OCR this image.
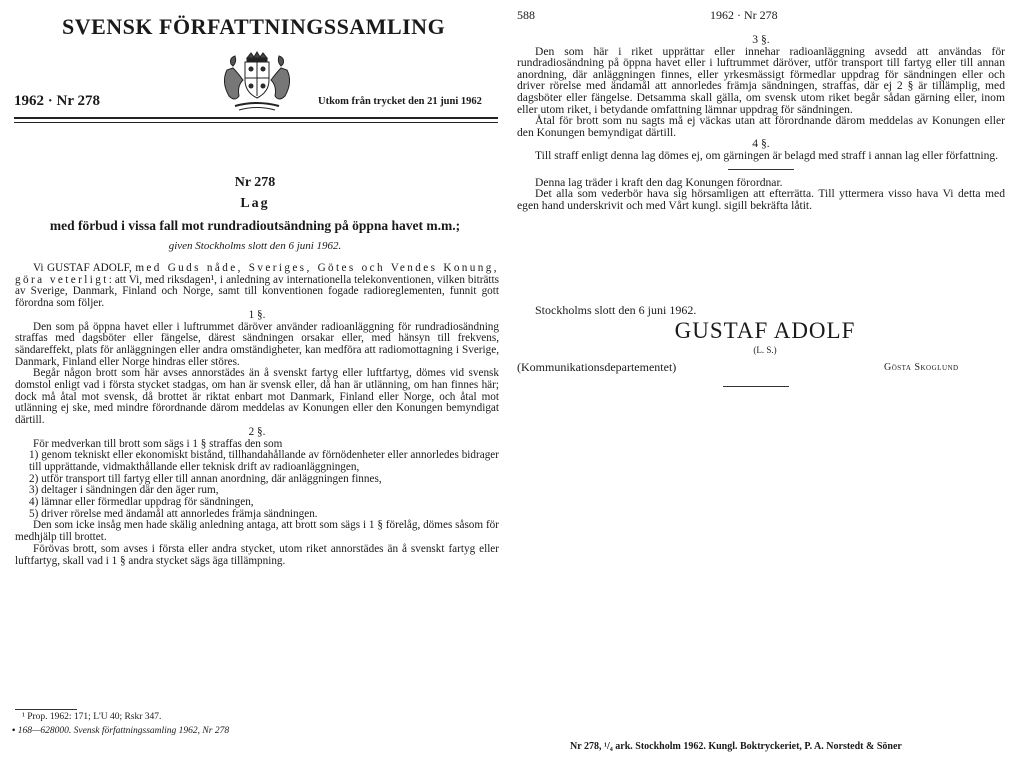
SVENSK FÖRFATTNINGSSAMLING
1962 · Nr 278	Utkom från trycket den 21 juni 1962
Nr 278
Lag
med förbud i vissa fall mot rundradioutsändning på öppna havet m.m.;
given Stockholms slott den 6 juni 1962.

Vi GUSTAF ADOLF, med Guds nåde, Sveriges, Götes och Vendes Konung, göra veterligt: att Vi, med riksdagen¹, i anledning av internationella telekonventionen, vilken biträtts av Sverige, Danmark, Finland och Norge, samt till konventionen fogade radioreglementen, funnit gott förordna som följer.

1 §.

Den som på öppna havet eller i luftrummet däröver använder radioanläggning för rundradiosändning straffas med dagsböter eller fängelse, därest sändningen orsakar eller, med hänsyn till frekvens, sändareffekt, plats för anläggningen eller andra omständigheter, kan medföra att radiomottagning i Sverige, Danmark, Finland eller Norge hindras eller störes.

Begår någon brott som här avses annorstädes än å svenskt fartyg eller luftfartyg, dömes vid svensk domstol enligt vad i första stycket stadgas, om han är svensk eller, då han är utlänning, om han finnes här; dock må åtal mot svensk, då brottet är riktat enbart mot Danmark, Finland eller Norge, och åtal mot utlänning ej ske, med mindre förordnande därom meddelas av Konungen eller den Konungen bemyndigat därtill.

2 §.

För medverkan till brott som sägs i 1 § straffas den som

1) genom tekniskt eller ekonomiskt bistånd, tillhandahållande av förnödenheter eller annorledes bidrager till upprättande, vidmakthållande eller teknisk drift av radioanläggningen,

2) utför transport till fartyg eller till annan anordning, där anläggningen finnes,

3) deltager i sändningen där den äger rum,

4) lämnar eller förmedlar uppdrag för sändningen,

5) driver rörelse med ändamål att annorledes främja sändningen.

Den som icke insåg men hade skälig anledning antaga, att brott som sägs i 1 § förelåg, dömes såsom för medhjälp till brottet.

Förövas brott, som avses i första eller andra stycket, utom riket annorstädes än å svenskt fartyg eller luftfartyg, skall vad i 1 § andra stycket sägs äga tillämpning.

¹ Prop. 1962: 171; L'U 40; Rskr 347.
• 168—628000. Svensk författningssamling 1962, Nr 278
588	1962 · Nr 278

3 §.

Den som här i riket upprättar eller innehar radioanläggning avsedd att användas för rundradiosändning på öppna havet eller i luftrummet däröver, utför transport till fartyg eller till annan anordning, där anläggningen finnes, eller yrkesmässigt förmedlar uppdrag för sändningen eller och driver rörelse med ändamål att annorledes främja sändningen, straffas, där ej 2 § är tillämplig, med dagsböter eller fängelse. Detsamma skall gälla, om svensk utom riket begår sådan gärning eller, inom eller utom riket, i betydande omfattning lämnar uppdrag för sändningen.

Åtal för brott som nu sagts må ej väckas utan att förordnande därom meddelas av Konungen eller den Konungen bemyndigat därtill.

4 §.

Till straff enligt denna lag dömes ej, om gärningen är belagd med straff i annan lag eller författning.

Denna lag träder i kraft den dag Konungen förordnar.

Det alla som vederbör hava sig hörsamligen att efterrätta. Till yttermera visso hava Vi detta med egen hand underskrivit och med Vårt kungl. sigill bekräfta låtit.

Stockholms slott den 6 juni 1962.
GUSTAF ADOLF
(L. S.)
(Kommunikationsdepartementet)	Gösta Skoglund
Nr 278, ¹/₄ ark. Stockholm 1962. Kungl. Boktryckeriet, P. A. Norstedt & Söner
